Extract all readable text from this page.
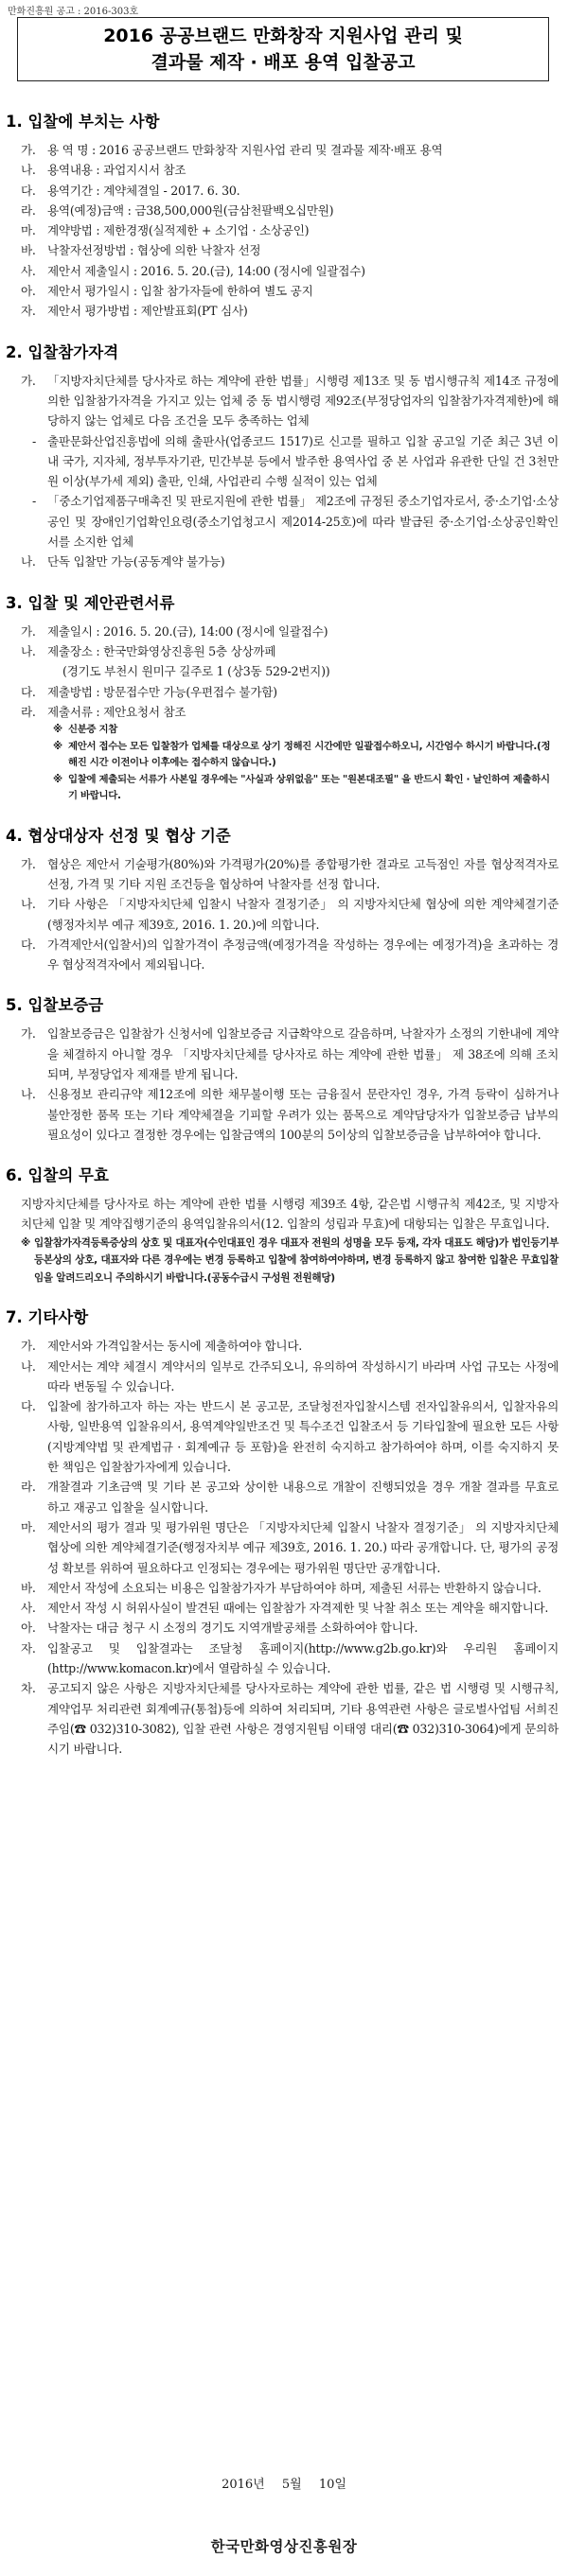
만화진흥원 공고 : 2016-303호
2016 공공브랜드 만화창작 지원사업 관리 및
결과물 제작 · 배포 용역 입찰공고
1. 입찰에 부치는 사항
가. 용 역 명 : 2016 공공브랜드 만화창작 지원사업 관리 및 결과물 제작·배포 용역
나. 용역내용 : 과업지시서 참조
다. 용역기간 : 계약체결일 - 2017. 6. 30.
라. 용역(예정)금액 : 금38,500,000원(금삼천팔백오십만원)
마. 계약방법 : 제한경쟁(실적제한 + 소기업 · 소상공인)
바. 낙찰자선정방법 : 협상에 의한 낙찰자 선정
사. 제안서 제출일시 : 2016. 5. 20.(금), 14:00 (정시에 일괄접수)
아. 제안서 평가일시 : 입찰 참가자들에 한하여 별도 공지
자. 제안서 평가방법 : 제안발표회(PT 심사)
2. 입찰참가자격
가. 「지방자치단체를 당사자로 하는 계약에 관한 법률」시행령 제13조 및 동 법시행규칙 제14조 규정에 의한 입찰참가자격을 가지고 있는 업체 중 동 법시행령 제92조(부정당업자의 입찰참가자격제한)에 해당하지 않는 업체로 다음 조건을 모두 충족하는 업체
- 출판문화산업진흥법에 의해 출판사(업종코드 1517)로 신고를 필하고 입찰 공고일 기준 최근 3년 이내 국가, 지자체, 정부투자기관, 민간부분 등에서 발주한 용역사업 중 본 사업과 유관한 단일 건 3천만원 이상(부가세 제외) 출판, 인쇄, 사업관리 수행 실적이 있는 업체
- 「중소기업제품구매촉진 및 판로지원에 관한 법률」 제2조에 규정된 중소기업자로서, 중·소기업·소상공인 및 장애인기업확인요령(중소기업청고시 제2014-25호)에 따라 발급된 중·소기업·소상공인확인서를 소지한 업체
나. 단독 입찰만 가능(공동계약 불가능)
3. 입찰 및 제안관련서류
가. 제출일시 : 2016. 5. 20.(금), 14:00 (정시에 일괄접수)
나. 제출장소 : 한국만화영상진흥원 5층 상상까페
(경기도 부천시 원미구 길주로 1 (상3동 529-2번지))
다. 제출방법 : 방문접수만 가능(우편접수 불가함)
라. 제출서류 : 제안요청서 참조
※ 신분증 지참
※ 제안서 접수는 모든 입찰참가 업체를 대상으로 상기 정해진 시간에만 일괄접수하오니, 시간엄수 하시기 바랍니다.(정해진 시간 이전이나 이후에는 접수하지 않습니다.)
※ 입찰에 제출되는 서류가 사본일 경우에는 "사실과 상위없음" 또는 "원본대조필" 을 반드시 확인 · 날인하여 제출하시기 바랍니다.
4. 협상대상자 선정 및 협상 기준
가. 협상은 제안서 기술평가(80%)와 가격평가(20%)를 종합평가한 결과로 고득점인 자를 협상적격자로 선정, 가격 및 기타 지원 조건등을 협상하여 낙찰자를 선정 합니다.
나. 기타 사항은 「지방자치단체 입찰시 낙찰자 결정기준」 의 지방자치단체 협상에 의한 계약체결기준(행정자치부 예규 제39호, 2016. 1. 20.)에 의합니다.
다. 가격제안서(입찰서)의 입찰가격이 추정금액(예정가격을 작성하는 경우에는 예정가격)을 초과하는 경우 협상적격자에서 제외됩니다.
5. 입찰보증금
가. 입찰보증금은 입찰참가 신청서에 입찰보증금 지급확약으로 갈음하며, 낙찰자가 소정의 기한내에 계약을 체결하지 아니할 경우 「지방자치단체를 당사자로 하는 계약에 관한 법률」 제 38조에 의해 조치되며, 부정당업자 제재를 받게 됩니다.
나. 신용정보 관리규약 제12조에 의한 채무불이행 또는 금융질서 문란자인 경우, 가격 등락이 심하거나 불안정한 품목 또는 기타 계약체결을 기피할 우려가 있는 품목으로 계약담당자가 입찰보증금 납부의 필요성이 있다고 결정한 경우에는 입찰금액의 100분의 5이상의 입찰보증금을 납부하여야 합니다.
6. 입찰의 무효
지방자치단체를 당사자로 하는 계약에 관한 법률 시행령 제39조 4항, 같은법 시행규칙 제42조, 및 지방자치단체 입찰 및 계약집행기준의 용역입찰유의서(12. 입찰의 성립과 무효)에 대항되는 입찰은 무효입니다.
※ 입찰참가자격등록증상의 상호 및 대표자(수인대표인 경우 대표자 전원의 성명을 모두 등재, 각자 대표도 해당)가 법인등기부등본상의 상호, 대표자와 다른 경우에는 변경 등록하고 입찰에 참여하여야하며, 변경 등록하지 않고 참여한 입찰은 무효입찰임을 알려드리오니 주의하시기 바랍니다.(공동수급시 구성원 전원해당)
7. 기타사항
가. 제안서와 가격입찰서는 동시에 제출하여야 합니다.
나. 제안서는 계약 체결시 계약서의 일부로 간주되오니, 유의하여 작성하시기 바라며 사업 규모는 사정에 따라 변동될 수 있습니다.
다. 입찰에 참가하고자 하는 자는 반드시 본 공고문, 조달청전자입찰시스템 전자입찰유의서, 입찰자유의사항, 일반용역 입찰유의서, 용역계약일반조건 및 특수조건 입찰조서 등 기타입찰에 필요한 모든 사항(지방계약법 및 관계법규 · 회계예규 등 포함)을 완전히 숙지하고 참가하여야 하며, 이를 숙지하지 못한 책임은 입찰참가자에게 있습니다.
라. 개찰결과 기초금액 및 기타 본 공고와 상이한 내용으로 개찰이 진행되었을 경우 개찰 결과를 무효로 하고 재공고 입찰을 실시합니다.
마. 제안서의 평가 결과 및 평가위원 명단은 「지방자치단체 입찰시 낙찰자 결정기준」 의 지방자치단체 협상에 의한 계약체결기준(행정자치부 예규 제39호, 2016. 1. 20.) 따라 공개합니다. 단, 평가의 공정성 확보를 위하여 필요하다고 인정되는 경우에는 평가위원 명단만 공개합니다.
바. 제안서 작성에 소요되는 비용은 입찰참가자가 부담하여야 하며, 제출된 서류는 반환하지 않습니다.
사. 제안서 작성 시 허위사실이 발견된 때에는 입찰참가 자격제한 및 낙찰 취소 또는 계약을 해지합니다.
아. 낙찰자는 대금 청구 시 소정의 경기도 지역개발공채를 소화하여야 합니다.
자. 입찰공고 및 입찰결과는 조달청 홈페이지(http://www.g2b.go.kr)와 우리원 홈페이지(http://www.komacon.kr)에서 열람하실 수 있습니다.
차. 공고되지 않은 사항은 지방자치단체를 당사자로하는 계약에 관한 법률, 같은 법 시행령 및 시행규칙, 계약업무 처리관련 회계예규(통첩)등에 의하여 처리되며, 기타 용역관련 사항은 글로벌사업팀 서희진 주임(☎ 032)310-3082), 입찰 관련 사항은 경영지원팀 이태영 대리(☎ 032)310-3064)에게 문의하시기 바랍니다.
2016년 5월 10일
한국만화영상진흥원장
